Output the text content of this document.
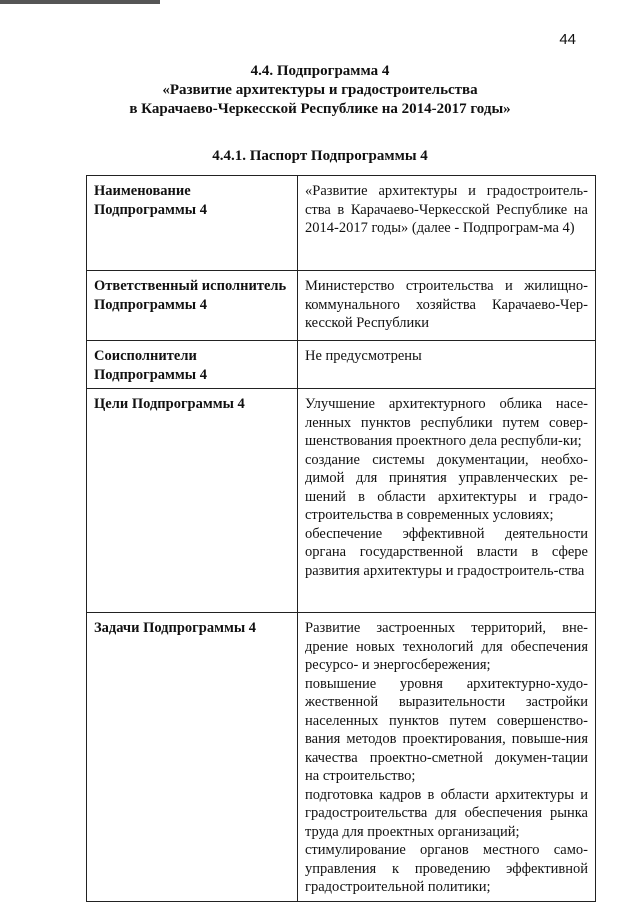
44
4.4. Подпрограмма 4
«Развитие архитектуры и градостроительства
в Карачаево-Черкесской Республике на 2014-2017 годы»
4.4.1. Паспорт Подпрограммы 4
Наименование Подпрограммы 4	«Развитие архитектуры и градостроитель-ства в Карачаево-Черкесской Республике на 2014-2017 годы» (далее - Подпрограм-ма 4)

Ответственный исполнитель Подпрограммы 4	Министерство строительства и жилищно-коммунального хозяйства Карачаево-Чер-кесской Республики

Соисполнители Подпрограммы 4	Не предусмотрены

Цели Подпрограммы 4	Улучшение архитектурного облика насе-ленных пунктов республики путем совер-шенствования проектного дела республи-ки;
создание системы документации, необхо-димой для принятия управленческих ре-шений в области архитектуры и градо-строительства в современных условиях;
обеспечение эффективной деятельности органа государственной власти в сфере развития архитектуры и градостроитель-ства

Задачи Подпрограммы 4	Развитие застроенных территорий, вне-дрение новых технологий для обеспечения ресурсо- и энергосбережения;
повышение уровня архитектурно-худо-жественной выразительности застройки населенных пунктов путем совершенство-вания методов проектирования, повыше-ния качества проектно-сметной докумен-тации на строительство;
подготовка кадров в области архитектуры и градостроительства для обеспечения рынка труда для проектных организаций;
стимулирование органов местного само-управления к проведению эффективной градостроительной политики;
